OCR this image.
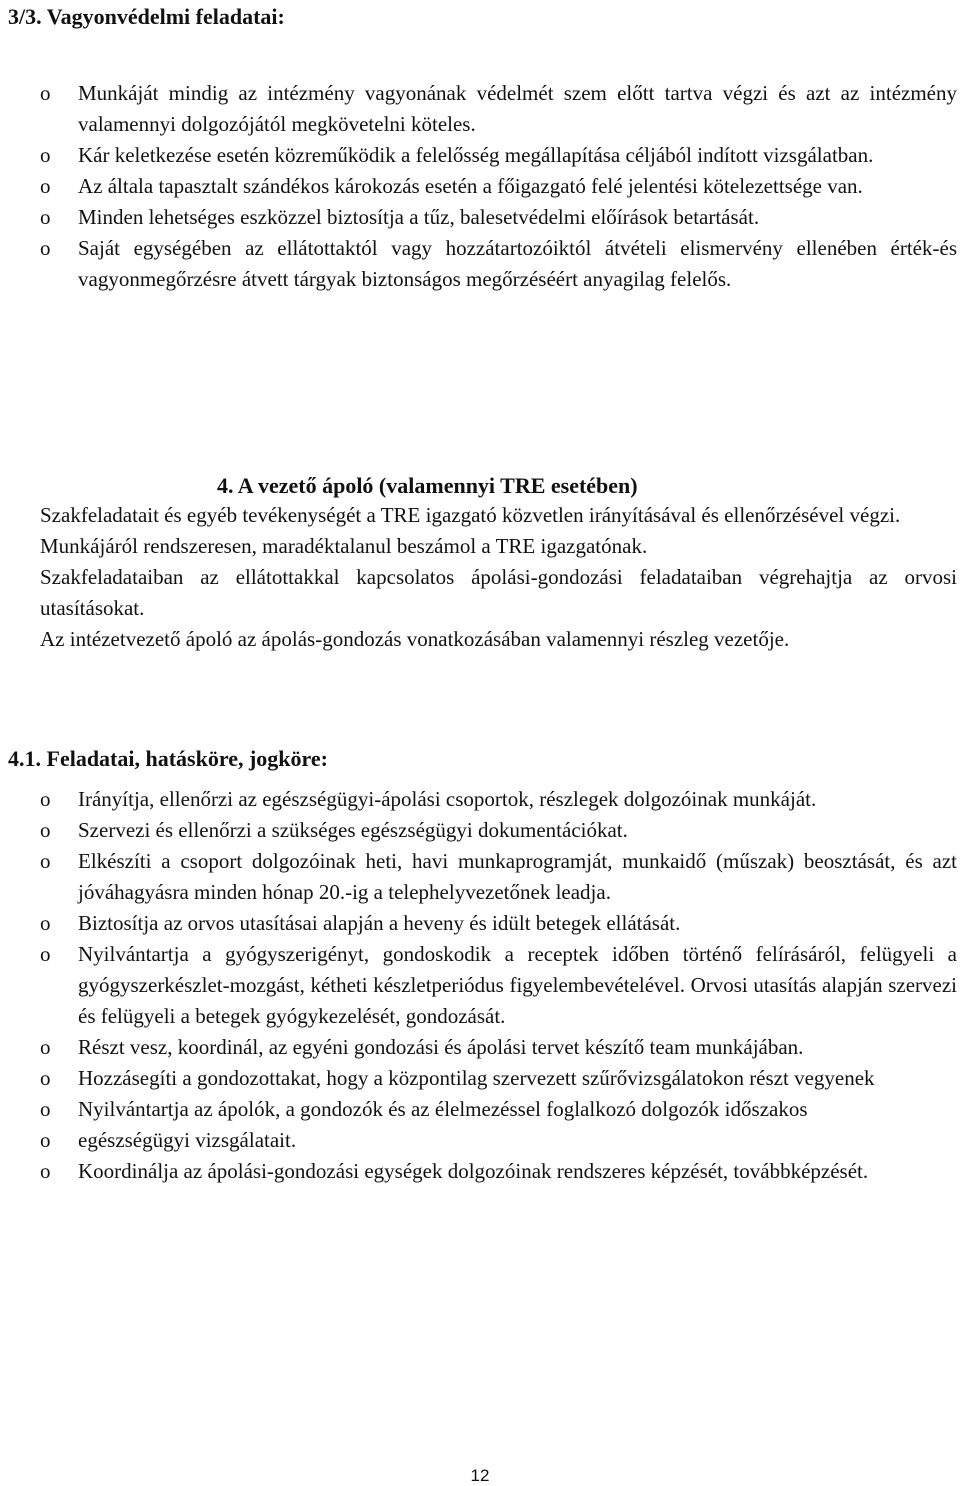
3/3. Vagyonvédelmi feladatai:
o	Munkáját mindig az intézmény vagyonának védelmét szem előtt tartva végzi és azt az intézmény valamennyi dolgozójától megkövetelni köteles.
o	Kár keletkezése esetén közreműködik a felelősség megállapítása céljából indított vizsgálatban.
o	Az általa tapasztalt szándékos károkozás esetén a főigazgató felé jelentési kötelezettsége van.
o	Minden lehetséges eszközzel biztosítja a tűz, balesetvédelmi előírások betartását.
o	Saját egységében az ellátottaktól vagy hozzátartozóiktól átvételi elismervény ellenében érték-és vagyonmegőrzésre átvett tárgyak biztonságos megőrzéséért anyagilag felelős.
4. A vezető ápoló (valamennyi TRE esetében)

Szakfeladatait és egyéb tevékenységét a TRE igazgató közvetlen irányításával és ellenőrzésével végzi.

Munkájáról rendszeresen, maradéktalanul beszámol a TRE igazgatónak.

Szakfeladataiban az ellátottakkal kapcsolatos ápolási-gondozási feladataiban végrehajtja az orvosi utasításokat.

Az intézetvezető ápoló az ápolás-gondozás vonatkozásában valamennyi részleg vezetője.

4.1. Feladatai, hatásköre, jogköre:
o	Irányítja, ellenőrzi az egészségügyi-ápolási csoportok, részlegek dolgozóinak munkáját.
o	Szervezi és ellenőrzi a szükséges egészségügyi dokumentációkat.
o	Elkészíti a csoport dolgozóinak heti, havi munkaprogramját, munkaidő (műszak) beosztását, és azt jóváhagyásra minden hónap 20.-ig a telephelyvezetőnek leadja.
o	Biztosítja az orvos utasításai alapján a heveny és idült betegek ellátását.
o	Nyilvántartja a gyógyszerigényt, gondoskodik a receptek időben történő felírásáról, felügyeli a gyógyszerkészlet-mozgást, kétheti készletperiódus figyelembevételével. Orvosi utasítás alapján szervezi és felügyeli a betegek gyógykezelését, gondozását.
o	Részt vesz, koordinál, az egyéni gondozási és ápolási tervet készítő team munkájában.
o	Hozzásegíti a gondozottakat, hogy a központilag szervezett szűrővizsgálatokon részt vegyenek
o	Nyilvántartja az ápolók, a gondozók és az élelmezéssel foglalkozó dolgozók időszakos
o	egészségügyi vizsgálatait.
o	Koordinálja az ápolási-gondozási egységek dolgozóinak rendszeres képzését, továbbképzését.
12
